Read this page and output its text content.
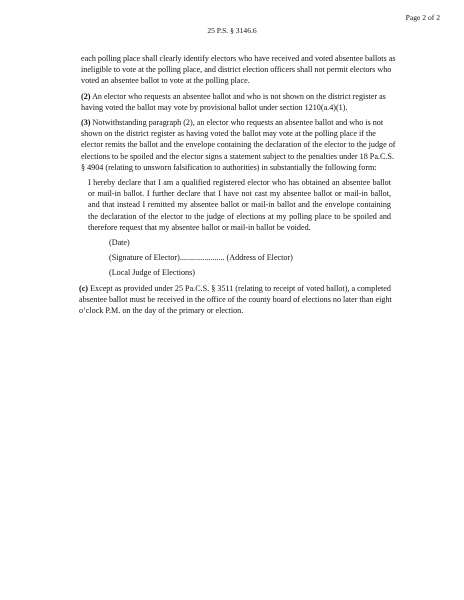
Page 2 of 2
25 P.S. § 3146.6

each polling place shall clearly identify electors who have received and voted absentee ballots as ineligible to vote at the polling place, and district election officers shall not permit electors who voted an absentee ballot to vote at the polling place.

(2) An elector who requests an absentee ballot and who is not shown on the district register as having voted the ballot may vote by provisional ballot under section 1210(a.4)(1).

(3) Notwithstanding paragraph (2), an elector who requests an absentee ballot and who is not shown on the district register as having voted the ballot may vote at the polling place if the elector remits the ballot and the envelope containing the declaration of the elector to the judge of elections to be spoiled and the elector signs a statement subject to the penalties under 18 Pa.C.S. § 4904 (relating to unsworn falsification to authorities) in substantially the following form:

I hereby declare that I am a qualified registered elector who has obtained an absentee ballot or mail-in ballot. I further declare that I have not cast my absentee ballot or mail-in ballot, and that instead I remitted my absentee ballot or mail-in ballot and the envelope containing the declaration of the elector to the judge of elections at my polling place to be spoiled and therefore request that my absentee ballot or mail-in ballot be voided.

(Date)

(Signature of Elector)...................... (Address of Elector)

(Local Judge of Elections)

(c) Except as provided under 25 Pa.C.S. § 3511 (relating to receipt of voted ballot), a completed absentee ballot must be received in the office of the county board of elections no later than eight o’clock P.M. on the day of the primary or election.
